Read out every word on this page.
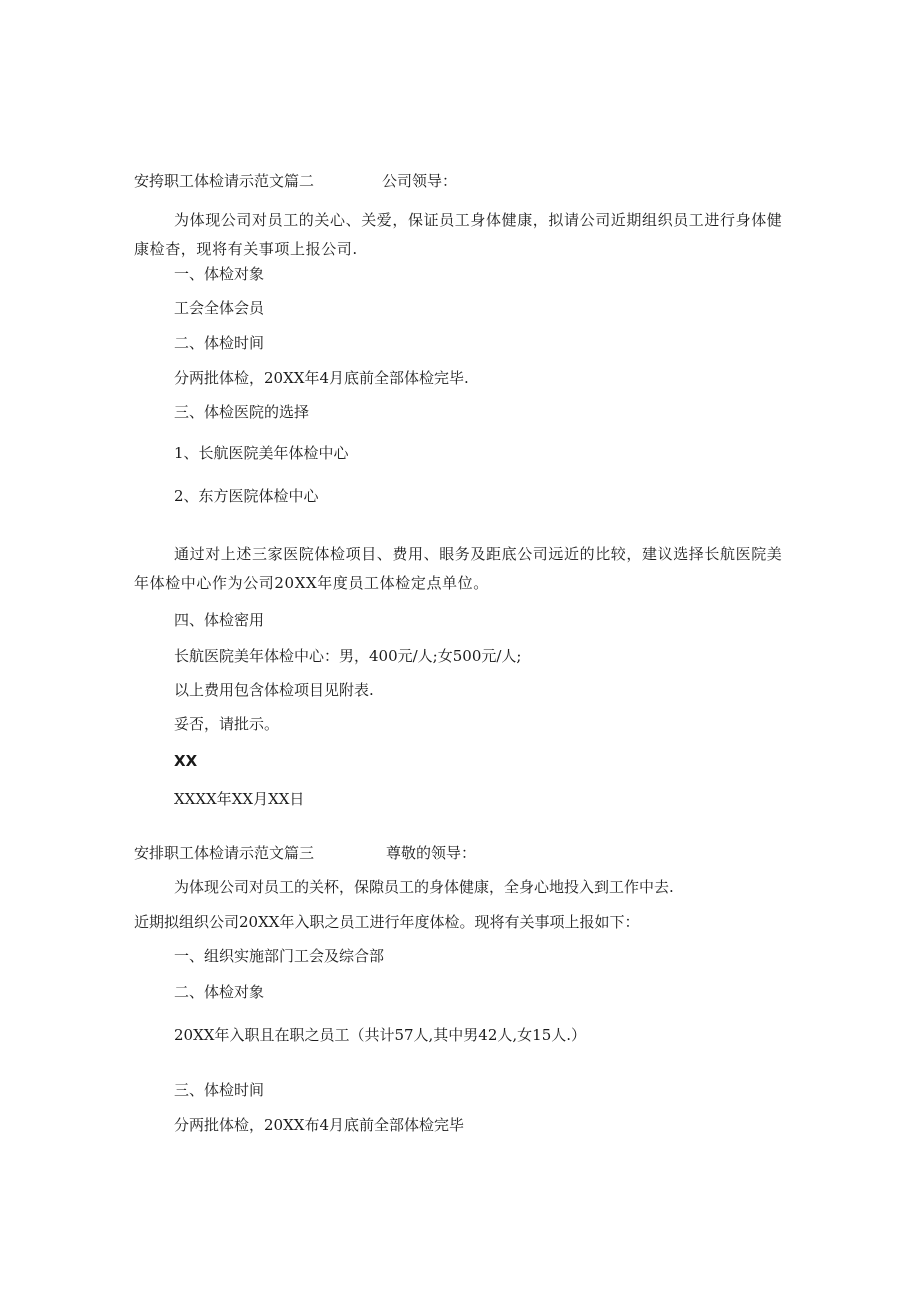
安挎职工体检请示范文篇二	公司领导：
为体现公司对员工的关心、关爱，保证员工身体健康，拟请公司近期组织员工进行身体健康检杳，现将有关事项上报公司.
一、体检对象
工会全体会员
二、体检时间
分两批体检，20XX年4月底前全部体检完毕.
三、体检医院的选择
1、长航医院美年体检中心
2、东方医院体检中心
通过对上述三家医院体检项目、费用、眼务及距底公司远近的比较，建议选择长航医院美年体检中心作为公司20XX年度员工体检定点单位。
四、体检密用
长航医院美年体检中心：男，400元/人;女500元/人;
以上费用包含体检项目见附表.
妥否，请批示。
XX
XXXX年XX月XX日
安排职工体检请示范文篇三	尊敬的领导：
为体现公司对员工的关杯，保隙员工的身体健康，全身心地投入到工作中去.
近期拟组织公司20XX年入职之员工进行年度体检。现将有关事项上报如下：
一、组织实施部门工会及综合部
二、体检对象
20XX年入职且在职之员工（共计57人,其中男42人,女15人.）
三、体检时间
分两批体检，20XX布4月底前全部体检完毕
